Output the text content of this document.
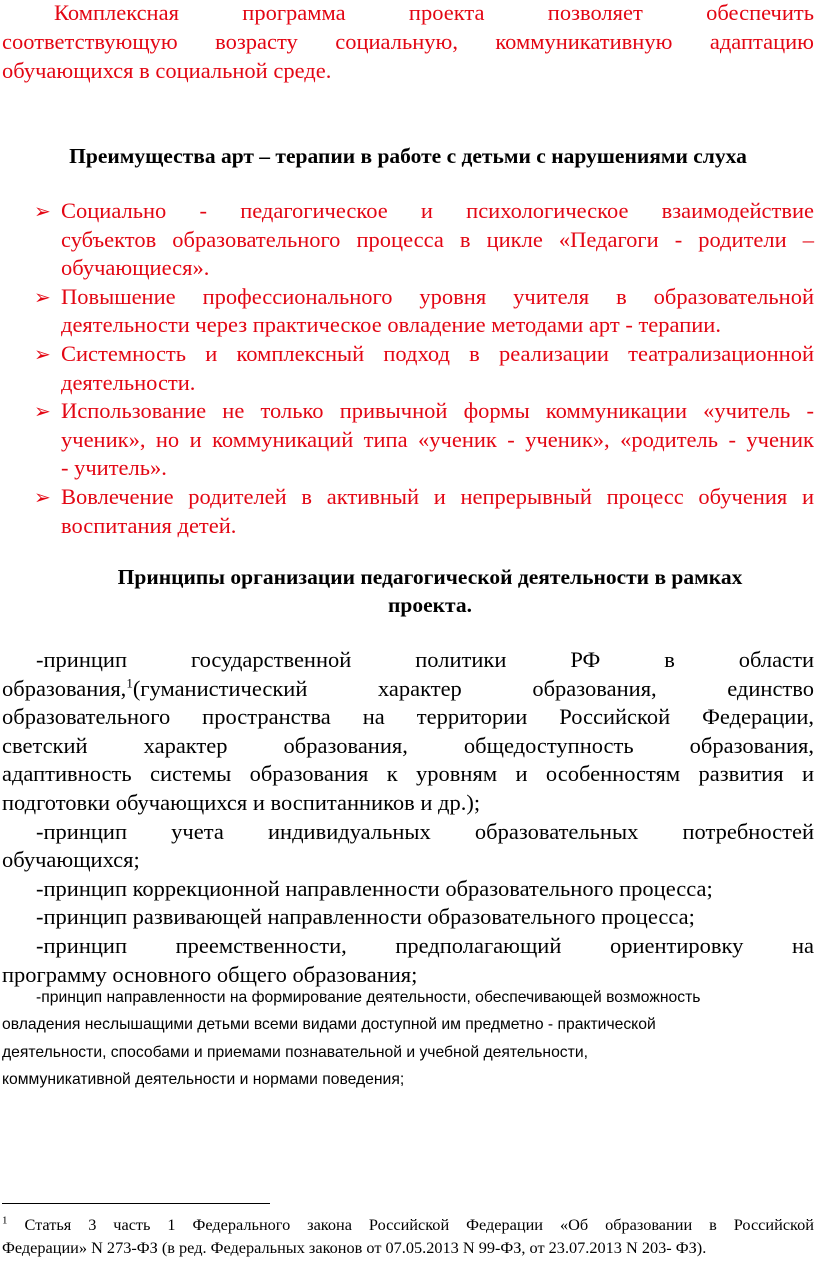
Комплексная программа проекта позволяет обеспечить
соответствующую возрасту социальную, коммуникативную адаптацию
обучающихся в социальной среде.
Преимущества арт – терапии в работе с детьми с нарушениями слуха
➢ Социально - педагогическое и психологическое взаимодействие
субъектов образовательного процесса в цикле «Педагоги - родители –
обучающиеся».
➢ Повышение профессионального уровня учителя в образовательной
деятельности через практическое овладение методами арт - терапии.
➢ Системность и комплексный подход в реализации театрализационной
деятельности.
➢ Использование не только привычной формы коммуникации «учитель -
ученик», но и коммуникаций типа «ученик - ученик», «родитель - ученик
- учитель».
➢ Вовлечение родителей в активный и непрерывный процесс обучения и
воспитания детей.
Принципы организации педагогической деятельности в рамках
проекта.

-принцип государственной политики РФ в области
образования,$^1$(гуманистический характер образования, единство
образовательного пространства на территории Российской Федерации,
светский характер образования, общедоступность образования,
адаптивность системы образования к уровням и особенностям развития и
подготовки обучающихся и воспитанников и др.);

-принцип учета индивидуальных образовательных потребностей
обучающихся;

-принцип коррекционной направленности образовательного процесса;

-принцип развивающей направленности образовательного процесса;

-принцип преемственности, предполагающий ориентировку на
программу основного общего образования;

-принцип направленности на формирование деятельности, обеспечивающей возможность
овладения неслышащими детьми всеми видами доступной им предметно - практической
деятельности, способами и приемами познавательной и учебной деятельности,
коммуникативной деятельности и нормами поведения;
$^1$ Статья 3 часть 1 Федерального закона Российской Федерации «Об образовании в Российской
Федерации» N 273-ФЗ (в ред. Федеральных законов от 07.05.2013 N 99-ФЗ, от 23.07.2013 N 203- ФЗ).
